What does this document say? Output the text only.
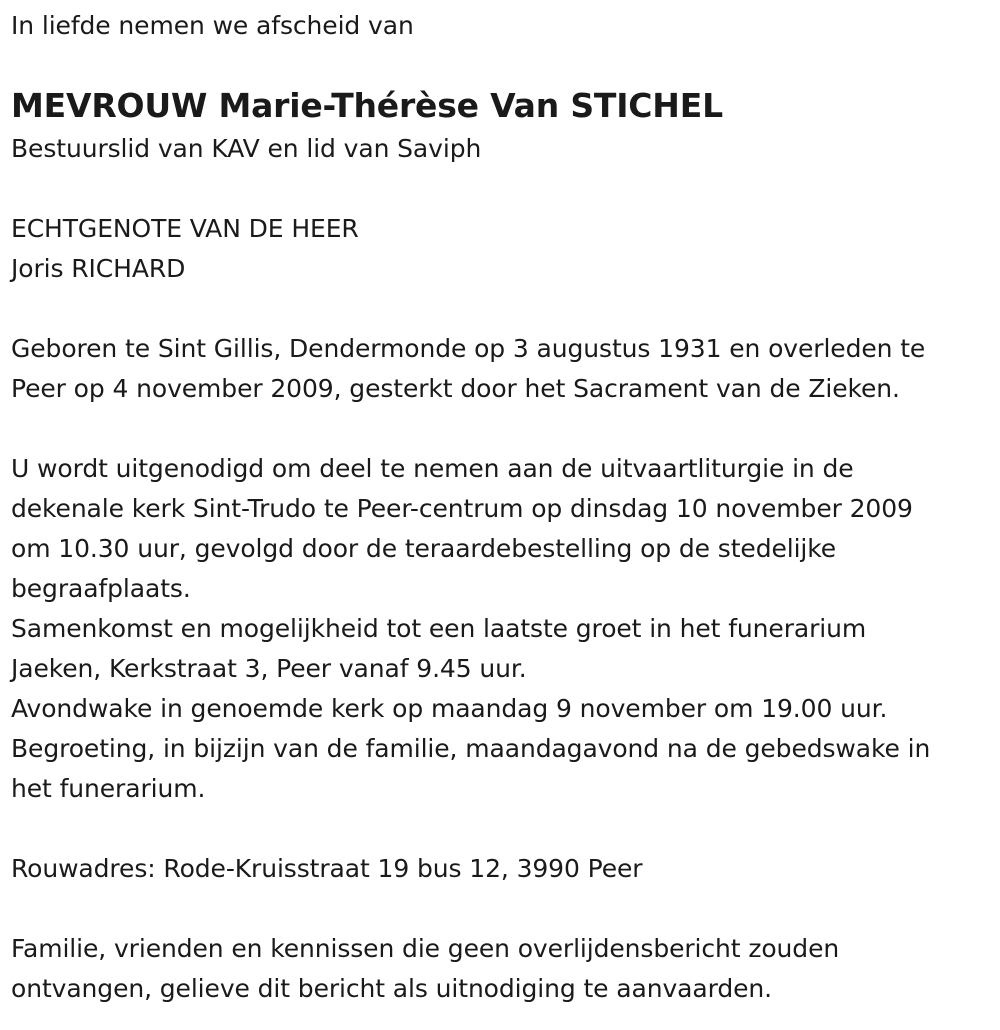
In liefde nemen we afscheid van
MEVROUW Marie-Thérèse Van STICHEL
Bestuurslid van KAV en lid van Saviph
ECHTGENOTE VAN DE HEER
Joris RICHARD
Geboren te Sint Gillis, Dendermonde op 3 augustus 1931 en overleden te
Peer op 4 november 2009, gesterkt door het Sacrament van de Zieken.
U wordt uitgenodigd om deel te nemen aan de uitvaartliturgie in de
dekenale kerk Sint-Trudo te Peer-centrum op dinsdag 10 november 2009
om 10.30 uur, gevolgd door de teraardebestelling op de stedelijke
begraafplaats.
Samenkomst en mogelijkheid tot een laatste groet in het funerarium
Jaeken, Kerkstraat 3, Peer vanaf 9.45 uur.
Avondwake in genoemde kerk op maandag 9 november om 19.00 uur.
Begroeting, in bijzijn van de familie, maandagavond na de gebedswake in
het funerarium.
Rouwadres: Rode-Kruisstraat 19 bus 12, 3990 Peer
Familie, vrienden en kennissen die geen overlijdensbericht zouden
ontvangen, gelieve dit bericht als uitnodiging te aanvaarden.
